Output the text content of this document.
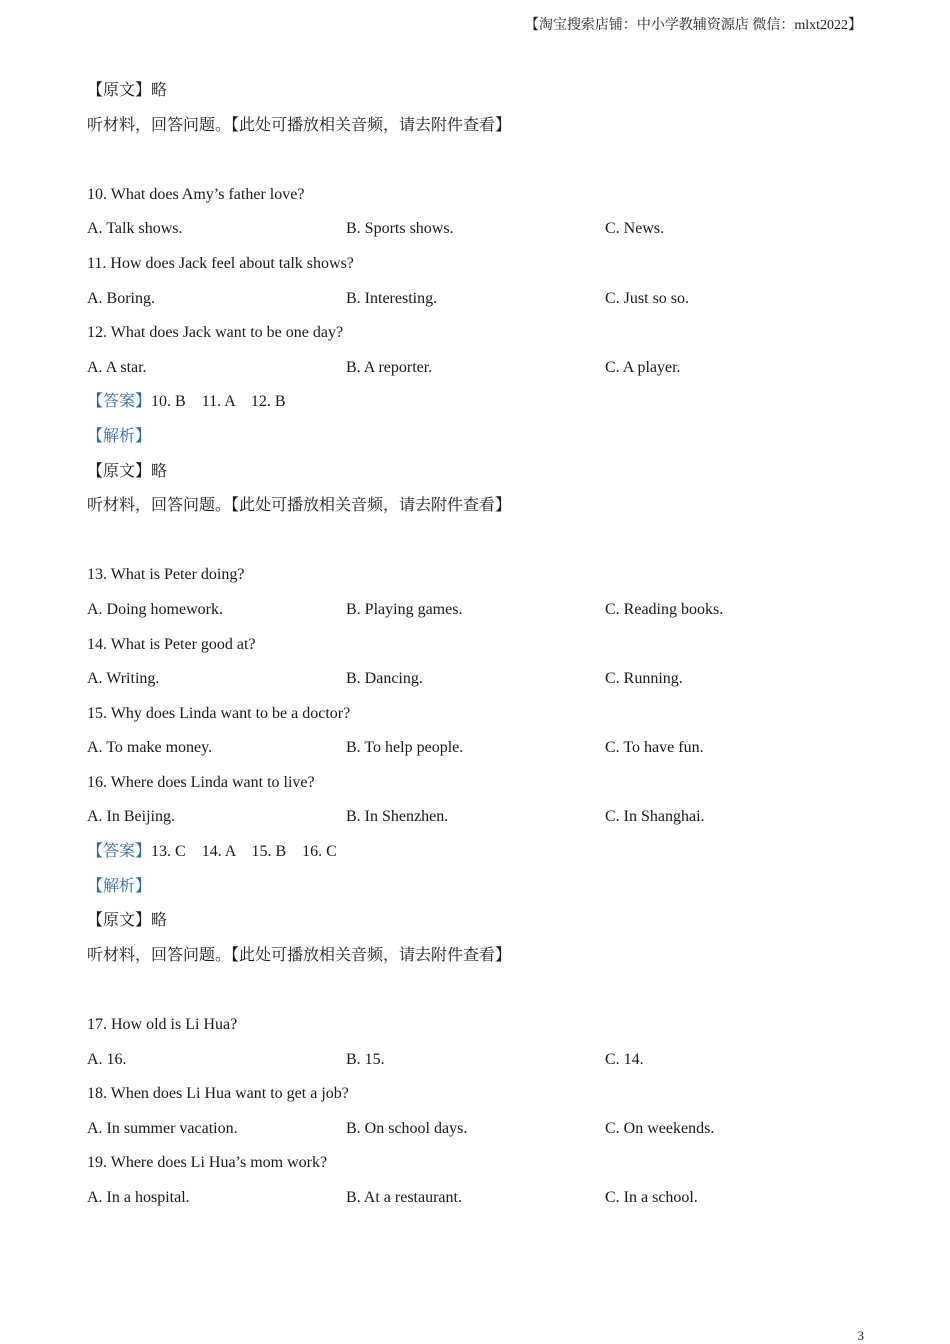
【淘宝搜索店铺：中小学教辅资源店 微信：mlxt2022】
【原文】略
听材料，回答问题。【此处可播放相关音频，请去附件查看】
10. What does Amy’s father love?
A. Talk shows.	B. Sports shows.	C. News.
11. How does Jack feel about talk shows?
A. Boring.	B. Interesting.	C. Just so so.
12. What does Jack want to be one day?
A. A star.	B. A reporter.	C. A player.
【答案】10. B    11. A    12. B
【解析】
【原文】略
听材料，回答问题。【此处可播放相关音频，请去附件查看】
13. What is Peter doing?
A. Doing homework.	B. Playing games.	C. Reading books.
14. What is Peter good at?
A. Writing.	B. Dancing.	C. Running.
15. Why does Linda want to be a doctor?
A. To make money.	B. To help people.	C. To have fun.
16. Where does Linda want to live?
A. In Beijing.	B. In Shenzhen.	C. In Shanghai.
【答案】13. C    14. A    15. B    16. C
【解析】
【原文】略
听材料，回答问题。【此处可播放相关音频，请去附件查看】
17. How old is Li Hua?
A. 16.	B. 15.	C. 14.
18. When does Li Hua want to get a job?
A. In summer vacation.	B. On school days.	C. On weekends.
19. Where does Li Hua’s mom work?
A. In a hospital.	B. At a restaurant.	C. In a school.
3
